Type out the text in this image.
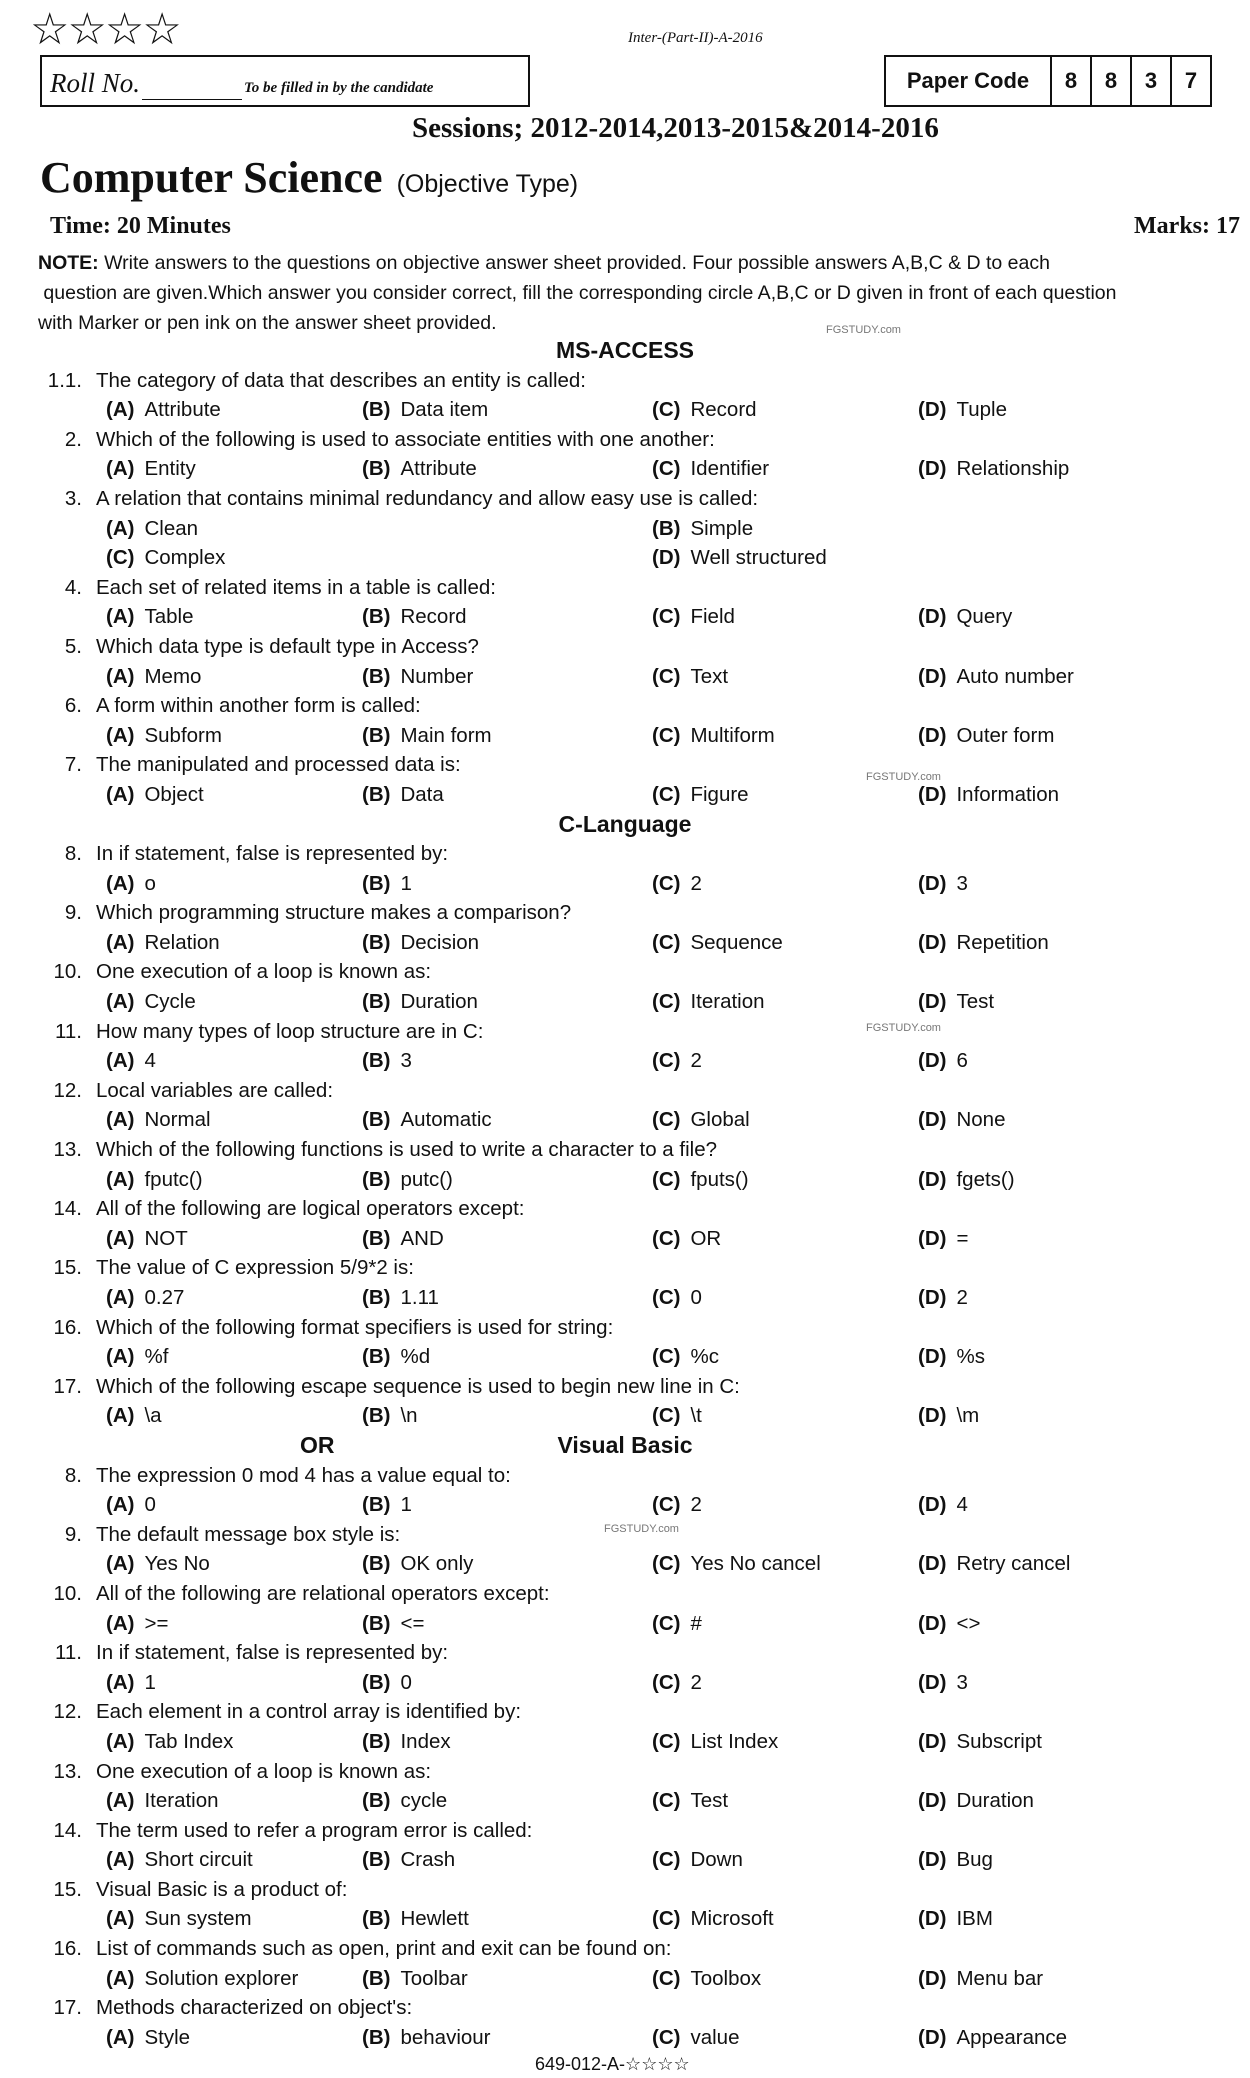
☆☆☆☆	Inter-(Part-II)-A-2016
Roll No.	To be filled in by the candidate	Paper Code	8	8	3	7
Sessions; 2012-2014,2013-2015&2014-2016
Computer Science (Objective Type)
Time: 20 Minutes	Marks: 17
NOTE: Write answers to the questions on objective answer sheet provided. Four possible answers A,B,C & D to each
question are given.Which answer you consider correct, fill the corresponding circle A,B,C or D given in front of each question
with Marker or pen ink on the answer sheet provided.	FGSTUDY.com
FGSTUDY.com
FGSTUDY.com
FGSTUDY.com
MS-ACCESS
1.1. The category of data that describes an entity is called:
(A) Attribute	(B) Data item	(C) Record	(D) Tuple
2. Which of the following is used to associate entities with one another:
(A) Entity	(B) Attribute	(C) Identifier	(D) Relationship
3. A relation that contains minimal redundancy and allow easy use is called:
(A) Clean	(B) Simple
(C) Complex	(D) Well structured
4. Each set of related items in a table is called:
(A) Table	(B) Record	(C) Field	(D) Query
5. Which data type is default type in Access?
(A) Memo	(B) Number	(C) Text	(D) Auto number
6. A form within another form is called:
(A) Subform	(B) Main form	(C) Multiform	(D) Outer form
7. The manipulated and processed data is:
(A) Object	(B) Data	(C) Figure	(D) Information
C-Language
8. In if statement, false is represented by:
(A) o	(B) 1	(C) 2	(D) 3
9. Which programming structure makes a comparison?
(A) Relation	(B) Decision	(C) Sequence	(D) Repetition
10. One execution of a loop is known as:
(A) Cycle	(B) Duration	(C) Iteration	(D) Test
11. How many types of loop structure are in C:
(A) 4	(B) 3	(C) 2	(D) 6
12. Local variables are called:
(A) Normal	(B) Automatic	(C) Global	(D) None
13. Which of the following functions is used to write a character to a file?
(A) fputc()	(B) putc()	(C) fputs()	(D) fgets()
14. All of the following are logical operators except:
(A) NOT	(B) AND	(C) OR	(D) =
15. The value of C expression 5/9*2 is:
(A) 0.27	(B) 1.11	(C) 0	(D) 2
16. Which of the following format specifiers is used for string:
(A) %f	(B) %d	(C) %c	(D) %s
17. Which of the following escape sequence is used to begin new line in C:
(A) \a	(B) \n	(C) \t	(D) \m
OR	Visual Basic
8. The expression 0 mod 4 has a value equal to:
(A) 0	(B) 1	(C) 2	(D) 4
9. The default message box style is:
(A) Yes No	(B) OK only	(C) Yes No cancel	(D) Retry cancel
10. All of the following are relational operators except:
(A) >=	(B) <=	(C) #	(D) <>
11. In if statement, false is represented by:
(A) 1	(B) 0	(C) 2	(D) 3
12. Each element in a control array is identified by:
(A) Tab Index	(B) Index	(C) List Index	(D) Subscript
13. One execution of a loop is known as:
(A) Iteration	(B) cycle	(C) Test	(D) Duration
14. The term used to refer a program error is called:
(A) Short circuit	(B) Crash	(C) Down	(D) Bug
15. Visual Basic is a product of:
(A) Sun system	(B) Hewlett	(C) Microsoft	(D) IBM
16. List of commands such as open, print and exit can be found on:
(A) Solution explorer	(B) Toolbar	(C) Toolbox	(D) Menu bar
17. Methods characterized on object's:
(A) Style	(B) behaviour	(C) value	(D) Appearance
649-012-A-☆☆☆☆
